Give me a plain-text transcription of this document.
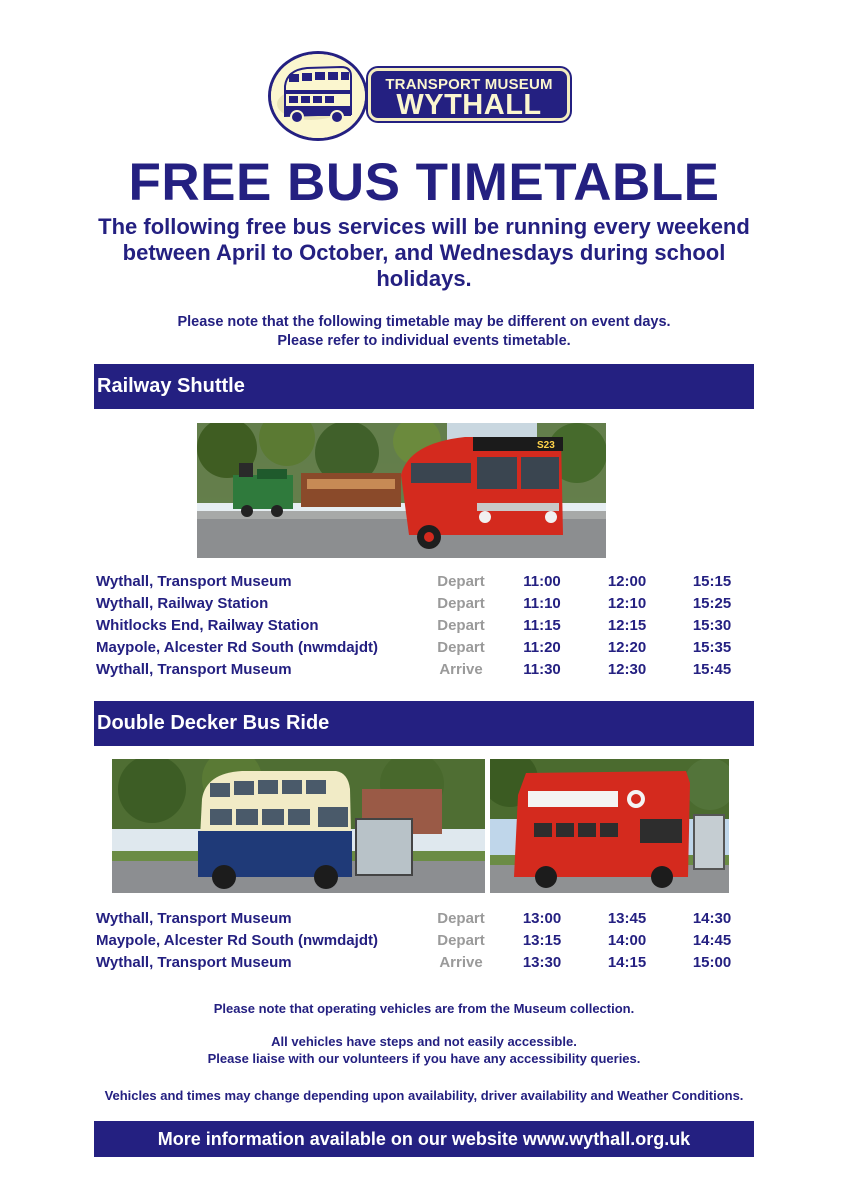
TRANSPORT MUSEUM
WYTHALL
FREE BUS TIMETABLE
The following free bus services will be running every weekend between April to October, and Wednesdays during school holidays.
Please note that the following timetable may be different on event days.
Please refer to individual events timetable.
Railway Shuttle
S23
Wythall, Transport Museum	Depart	11:00	12:00	15:15
Wythall, Railway Station	Depart	11:10	12:10	15:25
Whitlocks End, Railway Station	Depart	11:15	12:15	15:30
Maypole, Alcester Rd South (nwmdajdt)	Depart	11:20	12:20	15:35
Wythall, Transport Museum	Arrive	11:30	12:30	15:45
Double Decker Bus Ride
Wythall, Transport Museum	Depart	13:00	13:45	14:30
Maypole, Alcester Rd South (nwmdajdt)	Depart	13:15	14:00	14:45
Wythall, Transport Museum	Arrive	13:30	14:15	15:00
Please note that operating vehicles are from the Museum collection.
All vehicles have steps and not easily accessible.
Please liaise with our volunteers if you have any accessibility queries.
Vehicles and times may change depending upon availability, driver availability and Weather Conditions.
More information available on our website www.wythall.org.uk
